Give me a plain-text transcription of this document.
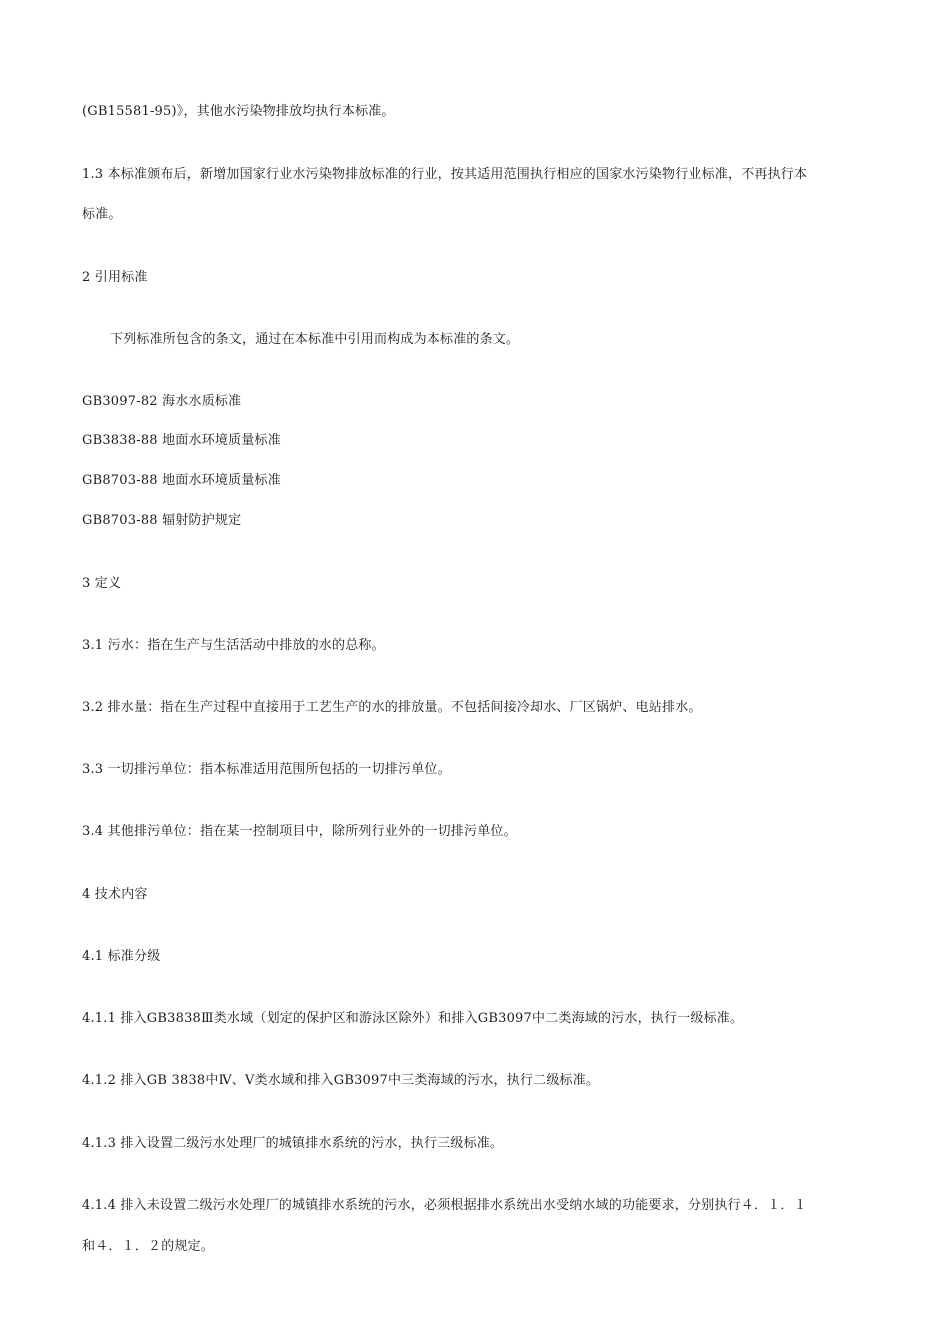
(GB15581-95)》，其他水污染物排放均执行本标准。
1.3 本标准颁布后，新增加国家行业水污染物排放标准的行业，按其适用范围执行相应的国家水污染物行业标准，不再执行本
标准。
2 引用标准
下列标准所包含的条文，通过在本标准中引用而构成为本标准的条文。
GB3097-82 海水水质标准
GB3838-88 地面水环境质量标准
GB8703-88 地面水环境质量标准
GB8703-88 辐射防护规定
3 定义
3.1 污水：指在生产与生活活动中排放的水的总称。
3.2 排水量：指在生产过程中直接用于工艺生产的水的排放量。不包括间接冷却水、厂区锅炉、电站排水。
3.3 一切排污单位：指本标准适用范围所包括的一切排污单位。
3.4 其他排污单位：指在某一控制项目中，除所列行业外的一切排污单位。
4 技术内容
4.1 标准分级
4.1.1 排入GB3838Ⅲ类水域（划定的保护区和游泳区除外）和排入GB3097中二类海域的污水，执行一级标准。
4.1.2 排入GB 3838中Ⅳ、Ⅴ类水域和排入GB3097中三类海域的污水，执行二级标准。
4.1.3 排入设置二级污水处理厂的城镇排水系统的污水，执行三级标准。
4.1.4 排入未设置二级污水处理厂的城镇排水系统的污水，必须根据排水系统出水受纳水域的功能要求，分别执行４．１．１
和４．１．２的规定。
